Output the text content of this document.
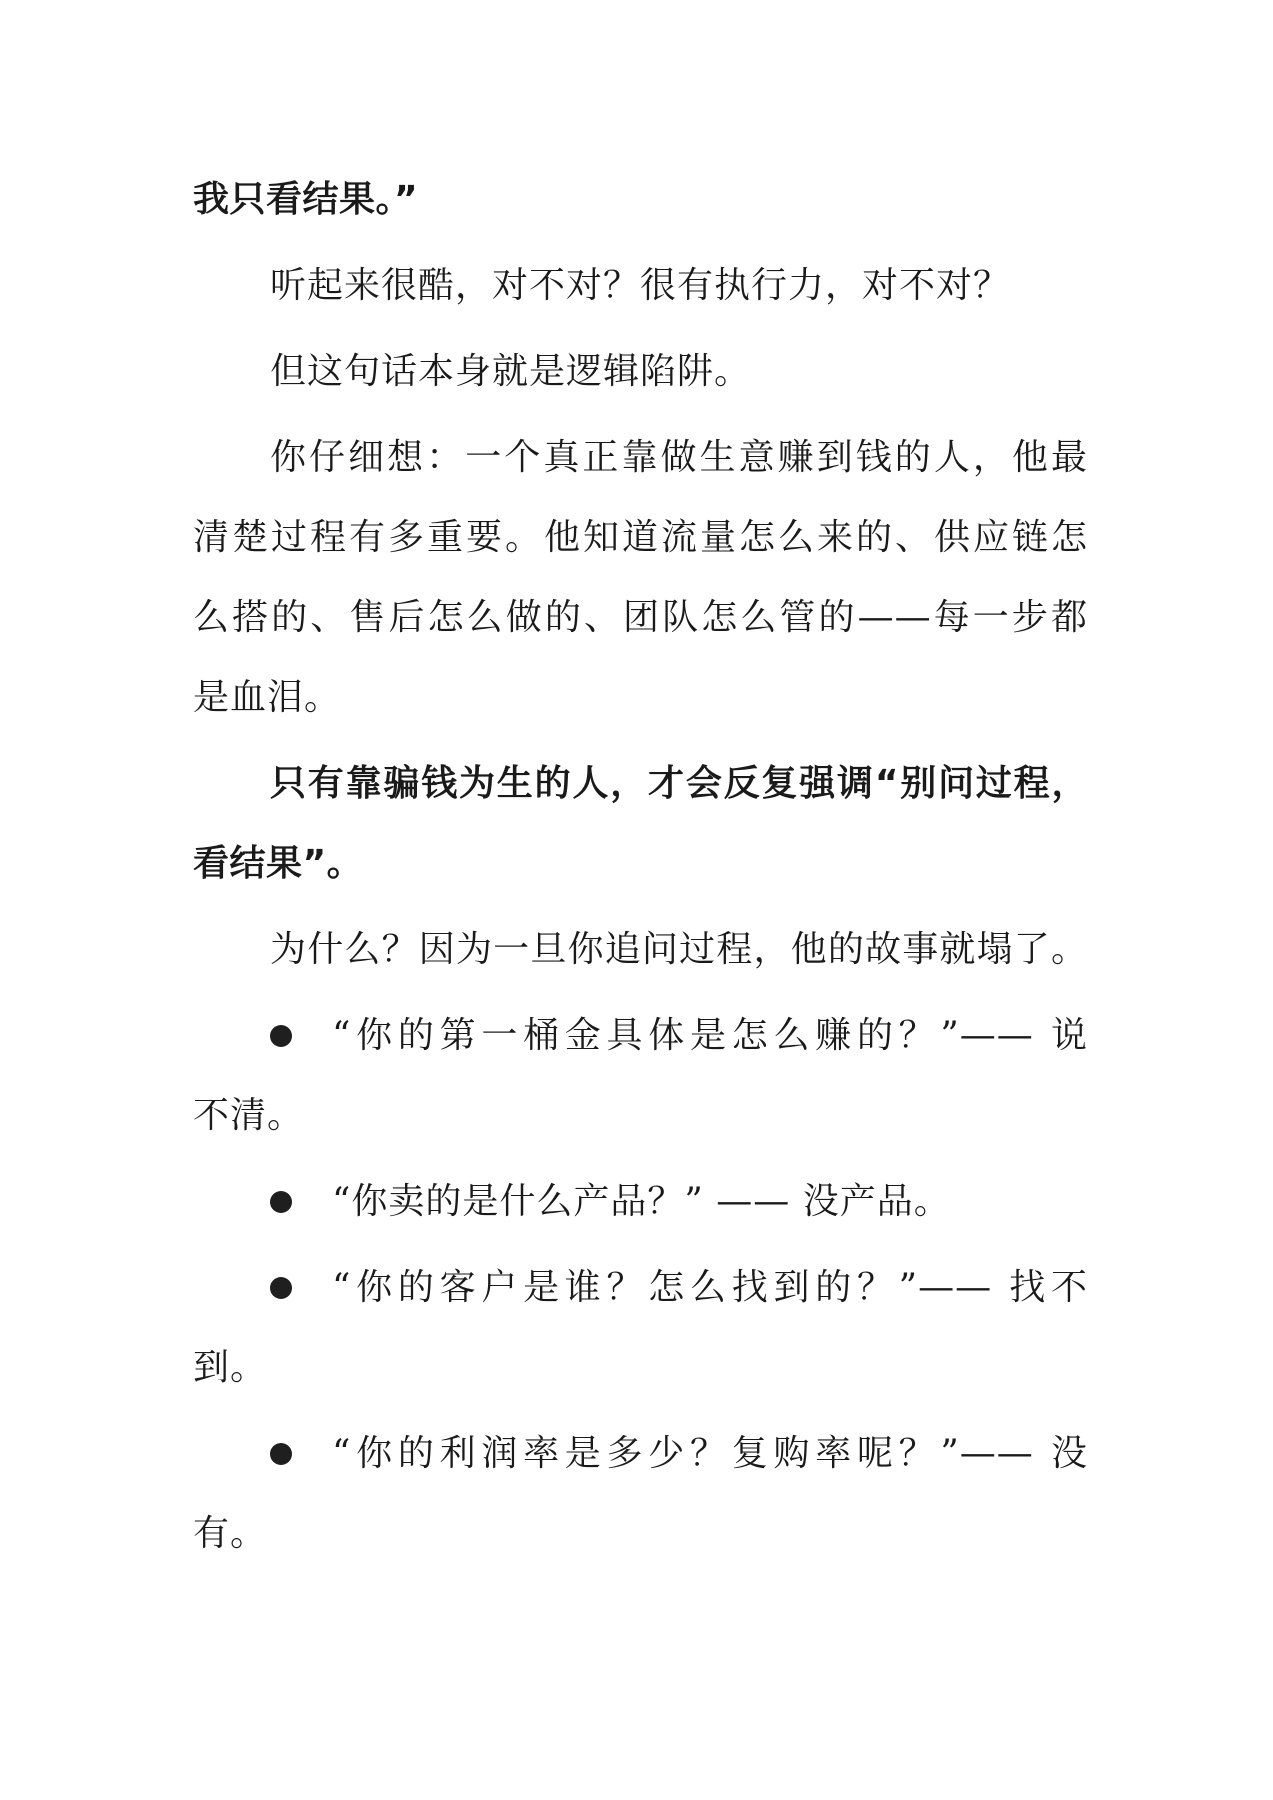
我只看结果。”
听起来很酷，对不对？很有执行力，对不对？
但这句话本身就是逻辑陷阱。
你仔细想：一个真正靠做生意赚到钱的人，他最
清楚过程有多重要。他知道流量怎么来的、供应链怎
么搭的、售后怎么做的、团队怎么管的——每一步都
是血泪。
只有靠骗钱为生的人，才会反复强调“别问过程，
看结果”。
为什么？因为一旦你追问过程，他的故事就塌了。
“你的第一桶金具体是怎么赚的？”—— 说
不清。
“你卖的是什么产品？” —— 没产品。
“你的客户是谁？怎么找到的？”—— 找不
到。
“你的利润率是多少？复购率呢？”—— 没
有。
